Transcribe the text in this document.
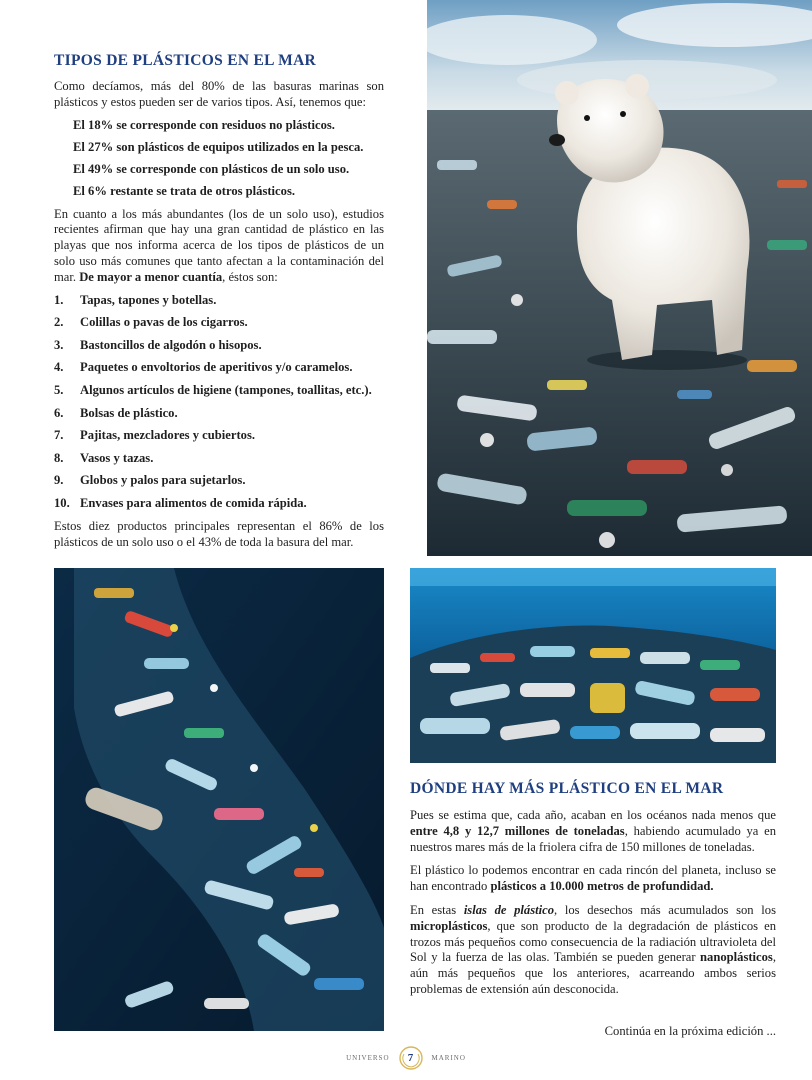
TIPOS DE PLÁSTICOS EN EL MAR

Como decíamos, más del 80% de las basuras marinas son plásticos y estos pueden ser de varios tipos. Así, tenemos que:

El 18% se corresponde con residuos no plásticos.

El 27% son plásticos de equipos utilizados en la pesca.

El 49% se corresponde con plásticos de un solo uso.

El 6% restante se trata de otros plásticos.

En cuanto a los más abundantes (los de un solo uso), estudios recientes afirman que hay una gran cantidad de plástico en las playas que nos informa acerca de los tipos de plásticos de un solo uso más comunes que tanto afectan a la contaminación del mar. De mayor a menor cuantía, éstos son:

1.	Tapas, tapones y botellas.
2.	Colillas o pavas de los cigarros.
3.	Bastoncillos de algodón o hisopos.
4.	Paquetes o envoltorios de aperitivos y/o caramelos.
5.	Algunos artículos de higiene (tampones, toallitas, etc.).
6.	Bolsas de plástico.
7.	Pajitas, mezcladores y cubiertos.
8.	Vasos y tazas.
9.	Globos y palos para sujetarlos.
10. Envases para alimentos de comida rápida.

Estos diez productos principales representan el 86% de los plásticos de un solo uso o el 43% de toda la basura del mar.

DÓNDE HAY MÁS PLÁSTICO EN EL MAR

Pues se estima que, cada año, acaban en los océanos nada menos que entre 4,8 y 12,7 millones de toneladas, habiendo acumulado ya en nuestros mares más de la friolera cifra de 150 millones de toneladas.

El plástico lo podemos encontrar en cada rincón del planeta, incluso se han encontrado plásticos a 10.000 metros de profundidad.

En estas islas de plástico, los desechos más acumulados son los microplásticos, que son producto de la degradación de plásticos en trozos más pequeños como consecuencia de la radiación ultravioleta del Sol y la fuerza de las olas. También se pueden generar nanoplásticos, aún más pequeños que los anteriores, acarreando ambos serios problemas de extensión aún desconocida.

Continúa en la próxima edición ...
UNIVERSO 7	MARINO
